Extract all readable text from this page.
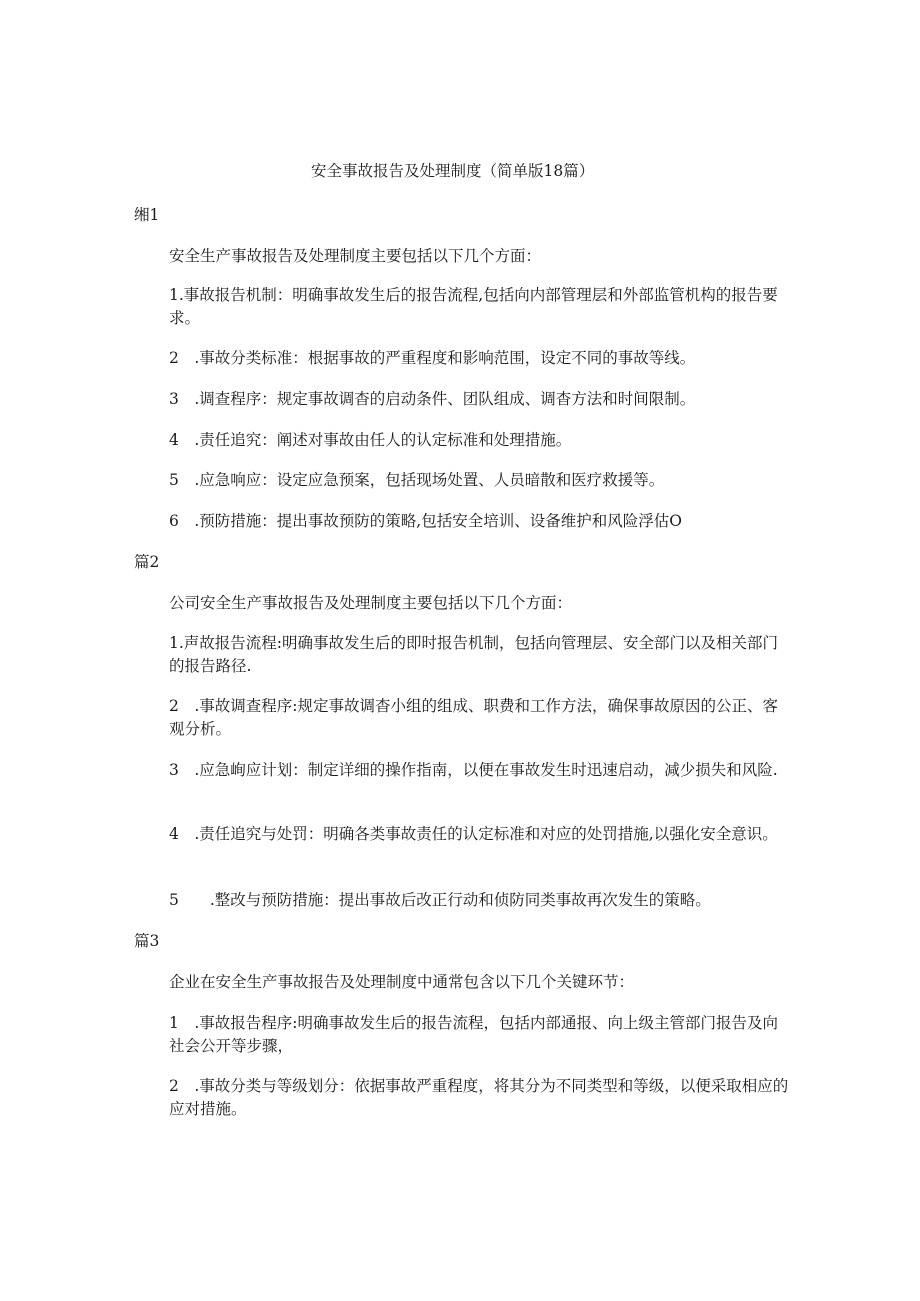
安全事故报告及处理制度（简单版18篇）
缃1
安全生产事故报告及处理制度主要包括以下几个方面：
1.事故报告机制：明确事故发生后的报告流程,包括向内部管理层和外部监管机构的报告要求。
2　.事故分类标准：根据事故的严重程度和影响范围，设定不同的事故等线。
3　.调查程序：规定事故调杳的启动条件、团队组成、调杳方法和时间限制。
4　.责任追究：阐述对事故由任人的认定标准和处理措施。
5　.应急响应：设定应急预案，包括现场处置、人员暗散和医疗救援等。
6　.预防措施：提出事故预防的策略,包括安全培训、设备维护和风险浮估O
篇2
公司安全生产事故报告及处理制度主要包括以下几个方面：
1.声故报告流程:明确事故发生后的即时报告机制，包括向管理层、安全部门以及相关部门的报告路径.
2　.事故调查程序:规定事故调杳小组的组成、职费和工作方法，确保事故原因的公正、客观分析。
3　.应急峋应计划：制定详细的操作指南，以便在事故发生时迅速启动，减少损失和风险.
4　.责任追究与处罚：明确各类事故责任的认定标准和对应的处罚措施,以强化安全意识。
5　　.整改与预防措施：提出事故后改正行动和侦防同类事故再次发生的策略。
篇3
企业在安全生产事故报告及处理制度中通常包含以下几个关键环节：
1　.事故报告程序:明确事故发生后的报告流程，包括内部通报、向上级主管部门报告及向社会公开等步骤，
2　.事故分类与等级划分：依据事故严重程度，将其分为不同类型和等级，以便采取相应的应对措施。
